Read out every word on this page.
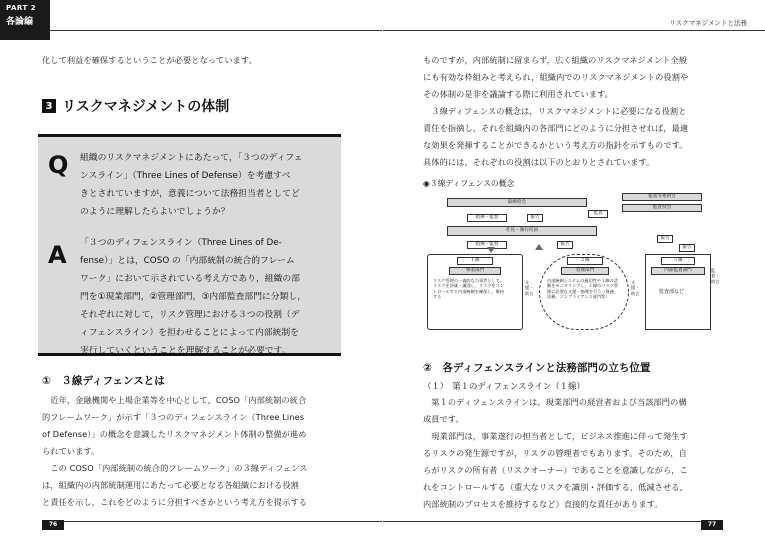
PART 2
各論編
化して利益を確保するということが必要となっています。
3 リスクマネジメントの体制
Q 組織のリスクマネジメントにあたって，「３つのディフェ
ンスライン」（Three Lines of Defense）を考慮すべ
きとされていますが，意義について法務担当者としてど
のように理解したらよいでしょうか？
A 「３つのディフェンスライン（Three Lines of De-
fense）」とは，COSO の「内部統制の統合的フレーム
ワーク」において示されている考え方であり，組織の部
門を①現業部門，②管理部門，③内部監査部門に分類し，
それぞれに対して，リスク管理における３つの役割（デ
ィフェンスライン）を担わせることによって内部統制を
実行していくということを理解することが必要です。
①　３線ディフェンスとは
　近年，金融機関や上場企業等を中心として，COSO「内部統制の統合
的フレームワーク」が示す「３つのディフェンスライン（Three Lines
of Defense）」の概念を意識したリスクマネジメント体制の整備が進め
られています。
　この COSO「内部統制の統合的フレームワーク」の３線ディフェンス
は，組織内の内部統制運用にあたって必要となる各組織における役割
と責任を示し，これをどのように分担すべきかという考え方を提示する
76
リスクマネジメントと法務
ものですが，内部統制に留まらず，広く組織のリスクマネジメント全般
にも有効な枠組みと考えられ，組織内でのリスクマネジメントの役割や
その体制の是非を議論する際に利用されています。
　３線ディフェンスの概念は，リスクマネジメントに必要になる役割と
責任を指摘し，それを組織内の各部門にどのように分担させれば，最適
な効果を発揮することができるかという考え方の指針を示すものです。
具体的には，それぞれの役割は以下のとおりとされています。
◉３線ディフェンスの概念
取締役会
監査等委員会
監査役会
監査
指揮・監督	報告
社長・執行役員
報告
指揮・監督	報告
１線
事業部門
リスク管理の一義的な当事者として，リスクを評価・識別し，リスクをコントロールする内部統制を確保し，維持する
支援・助言
２線
管理部門
内部統制システムの適切性や１線の活動をモニタリングし，１線のリスク管理に必要な支援・指導を行う（財務，法務，コンプライアンス部門等）
支援・助言
３線
内部監査部門
監査部など
監査・助言
報告
②　各ディフェンスラインと法務部門の立ち位置
（１）　第１のディフェンスライン（１線）
　第１のディフェンスラインは，現業部門の経営者および当該部門の構
成員です。
　現業部門は，事業遂行の担当者として，ビジネス推進に伴って発生す
るリスクの発生源ですが，リスクの管理者でもあります。そのため，自
らがリスクの所有者（リスクオーナー）であることを意識しながら，こ
れをコントロールする（重大なリスクを識別・評価する，低減させる，
内部統制のプロセスを維持するなど）直接的な責任があります。
77
